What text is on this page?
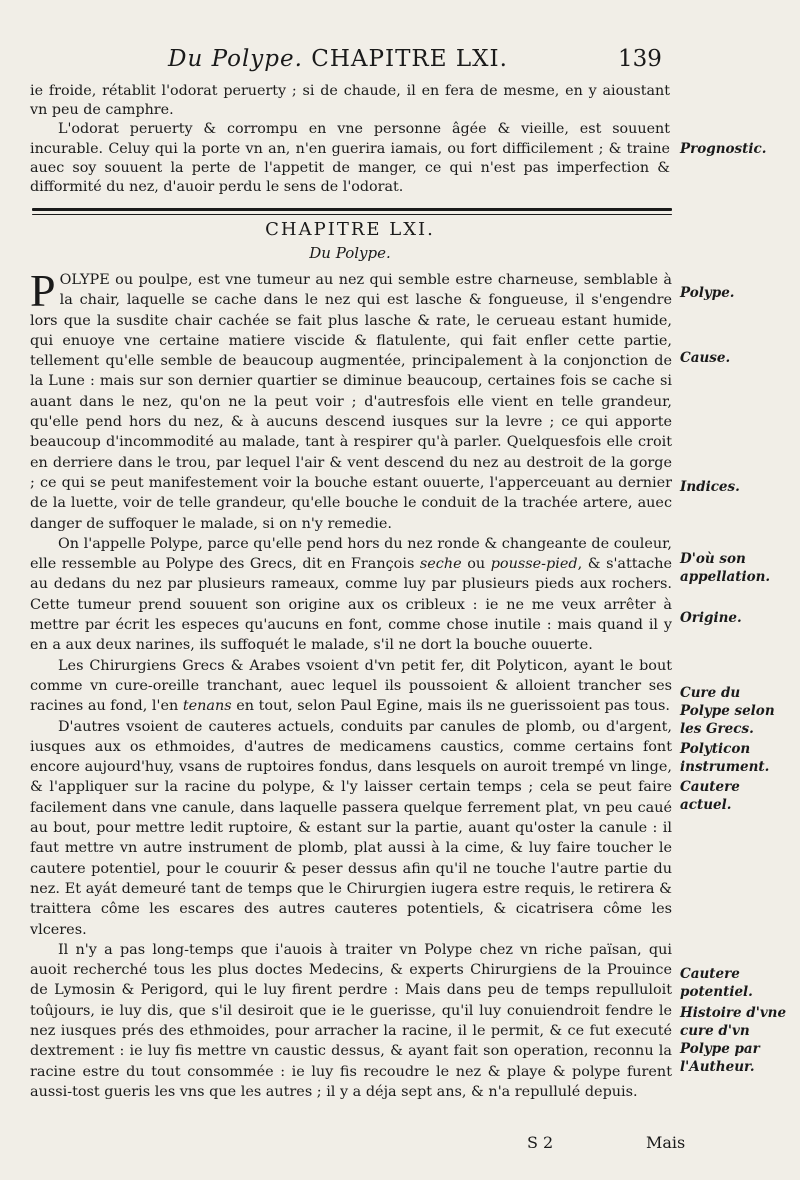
Du Polype. CHAPITRE LXI.	139

ie froide, rétablit l'odorat peruerty ; si de chaude, il en fera de mesme, en y aioustant vn peu de camphre.

L'odorat peruerty & corrompu en vne personne âgée & vieille, est souuent incurable. Celuy qui la porte vn an, n'en guerira iamais, ou fort difficilement ; & traine auec soy souuent la perte de l'appetit de manger, ce qui n'est pas imperfection & difformité du nez, d'auoir perdu le sens de l'odorat.

CHAPITRE LXI.
Du Polype.

POLYPE ou poulpe, est vne tumeur au nez qui semble estre charneuse, semblable à la chair, laquelle se cache dans le nez qui est lasche & fongueuse, il s'engendre lors que la susdite chair cachée se fait plus lasche & rate, le cerueau estant humide, qui enuoye vne certaine matiere viscide & flatulente, qui fait enfler cette partie, tellement qu'elle semble de beaucoup augmentée, principalement à la conjonction de la Lune : mais sur son dernier quartier se diminue beaucoup, certaines fois se cache si auant dans le nez, qu'on ne la peut voir ; d'autresfois elle vient en telle grandeur, qu'elle pend hors du nez, & à aucuns descend iusques sur la levre ; ce qui apporte beaucoup d'incommodité au malade, tant à respirer qu'à parler. Quelquesfois elle croit en derriere dans le trou, par lequel l'air & vent descend du nez au destroit de la gorge ; ce qui se peut manifestement voir la bouche estant ouuerte, l'apperceuant au dernier de la luette, voir de telle grandeur, qu'elle bouche le conduit de la trachée artere, auec danger de suffoquer le malade, si on n'y remedie.

On l'appelle Polype, parce qu'elle pend hors du nez ronde & changeante de couleur, elle ressemble au Polype des Grecs, dit en François seche ou pousse-pied, & s'attache au dedans du nez par plusieurs rameaux, comme luy par plusieurs pieds aux rochers. Cette tumeur prend souuent son origine aux os cribleux : ie ne me veux arrêter à mettre par écrit les especes qu'aucuns en font, comme chose inutile : mais quand il y en a aux deux narines, ils suffoquét le malade, s'il ne dort la bouche ouuerte.

Les Chirurgiens Grecs & Arabes vsoient d'vn petit fer, dit Polyticon, ayant le bout comme vn cure-oreille tranchant, auec lequel ils poussoient & alloient trancher ses racines au fond, l'en tenans en tout, selon Paul Egine, mais ils ne guerissoient pas tous.

D'autres vsoient de cauteres actuels, conduits par canules de plomb, ou d'argent, iusques aux os ethmoides, d'autres de medicamens caustics, comme certains font encore aujourd'huy, vsans de ruptoires fondus, dans lesquels on auroit trempé vn linge, & l'appliquer sur la racine du polype, & l'y laisser certain temps ; cela se peut faire facilement dans vne canule, dans laquelle passera quelque ferrement plat, vn peu caué au bout, pour mettre ledit ruptoire, & estant sur la partie, auant qu'oster la canule : il faut mettre vn autre instrument de plomb, plat aussi à la cime, & luy faire toucher le cautere potentiel, pour le couurir & peser dessus afin qu'il ne touche l'autre partie du nez. Et ayát demeuré tant de temps que le Chirurgien iugera estre requis, le retirera & traittera côme les escares des autres cauteres potentiels, & cicatrisera côme les vlceres.

Il n'y a pas long-temps que i'auois à traiter vn Polype chez vn riche païsan, qui auoit recherché tous les plus doctes Medecins, & experts Chirurgiens de la Prouince de Lymosin & Perigord, qui le luy firent perdre : Mais dans peu de temps repulluloit toûjours, ie luy dis, que s'il desiroit que ie le guerisse, qu'il luy conuiendroit fendre le nez iusques prés des ethmoides, pour arracher la racine, il le permit, & ce fut executé dextrement : ie luy fis mettre vn caustic dessus, & ayant fait son operation, reconnu la racine estre du tout consommée : ie luy fis recoudre le nez & playe & polype furent aussi-tost gueris les vns que les autres ; il y a déja sept ans, & n'a repullulé depuis.

Prognostic.
Polype.
Cause.
Indices.
D'où son appellation.
Origine.
Cure du Polype selon les Grecs.
Polyticon instrument.
Cautere actuel.
Cautere potentiel.
Histoire d'vne cure d'vn Polype par l'Autheur.
S 2	Mais
